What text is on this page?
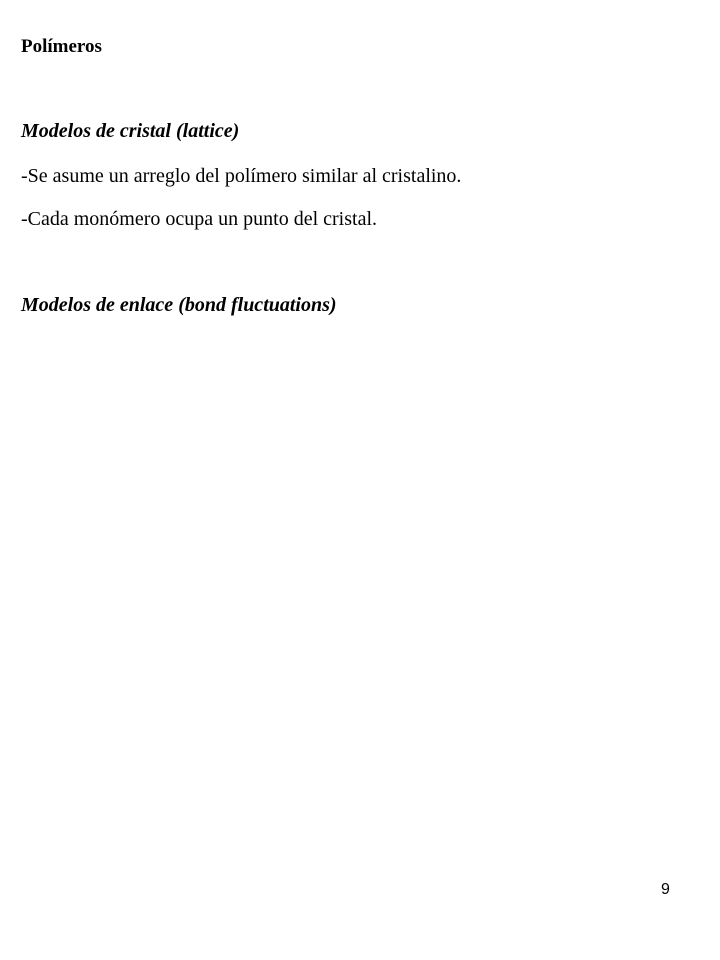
Polímeros
Modelos de cristal (lattice)
-Se asume un arreglo del polímero similar al cristalino.
-Cada monómero ocupa un punto del cristal.
Modelos de enlace (bond fluctuations)
9
